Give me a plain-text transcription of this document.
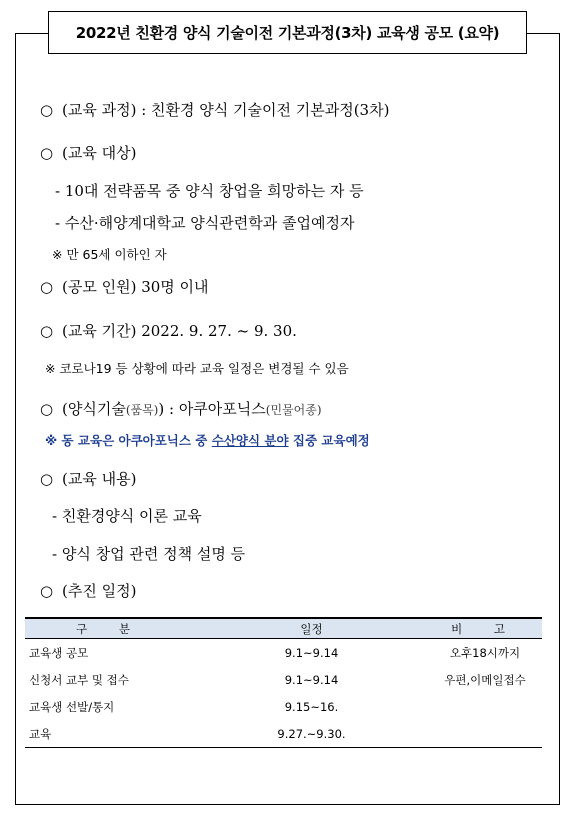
2022년 친환경 양식 기술이전 기본과정(3차) 교육생 공모 (요약)
○ (교육 과정) : 친환경 양식 기술이전 기본과정(3차)
○ (교육 대상)
- 10대 전략품목 중 양식 창업을 희망하는 자 등
- 수산·해양계대학교 양식관련학과 졸업예정자
※ 만 65세 이하인 자
○ (공모 인원) 30명 이내
○ (교육 기간) 2022. 9. 27. ~ 9. 30.
※ 코로나19 등 상황에 따라 교육 일정은 변경될 수 있음
○ (양식기술(품목)) : 아쿠아포닉스(민물어종)
※ 동 교육은 아쿠아포닉스 중 수산양식 분야 집중 교육예정
○ (교육 내용)
- 친환경양식 이론 교육
- 양식 창업 관련 정책 설명 등
○ (추진 일정)
구 분	일정	비 고
교육생 공모	9.1~9.14	오후18시까지
신청서 교부 및 접수	9.1~9.14	우편,이메일접수
교육생 선발/통지	9.15~16.	
교육	9.27.~9.30.	
